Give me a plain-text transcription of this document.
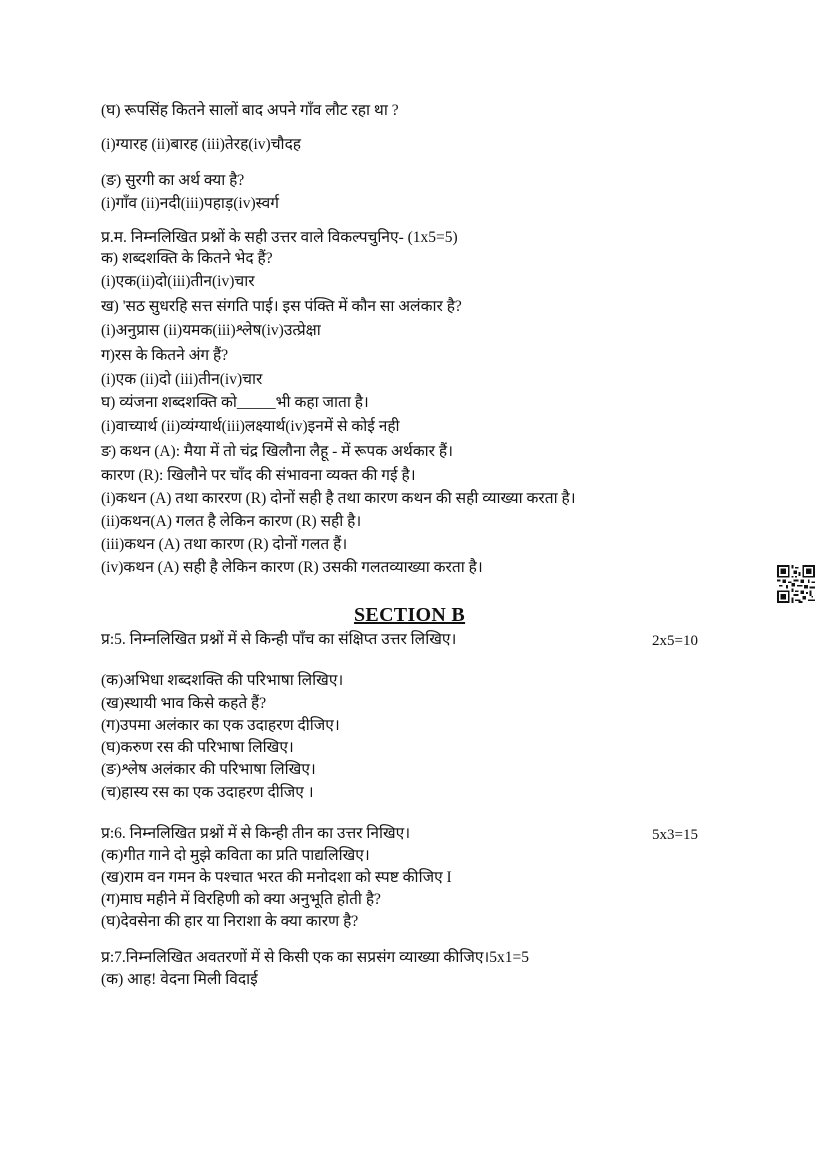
(घ) रूपसिंह कितने सालों बाद अपने गाँव लौट रहा था ?
(i)ग्यारह (ii)बारह (iii)तेरह(iv)चौदह
(ङ) सुरगी का अर्थ क्या है?
(i)गाँव (ii)नदी(iii)पहाड़(iv)स्वर्ग
प्र.म. निम्नलिखित प्रश्नों के सही उत्तर वाले विकल्पचुनिए- (1x5=5)
क) शब्दशक्ति के कितने भेद हैं?
(i)एक(ii)दो(iii)तीन(iv)चार
ख) 'सठ सुधरहि सत्त संगति पाई। इस पंक्ति में कौन सा अलंकार है?
(i)अनुप्रास (ii)यमक(iii)श्लेष(iv)उत्प्रेक्षा
ग)रस के कितने अंग हैं?
(i)एक (ii)दो (iii)तीन(iv)चार
घ) व्यंजना शब्दशक्ति को_____भी कहा जाता है।
(i)वाच्यार्थ (ii)व्यंग्यार्थ(iii)लक्ष्यार्थ(iv)इनमें से कोई नही
ङ) कथन (A): मैया में तो चंद्र खिलौना लैहू - में रूपक अर्थकार हैं।
कारण (R): खिलौने पर चाँद की संभावना व्यक्त की गई है।
(i)कथन (A) तथा काररण (R) दोनों सही है तथा कारण कथन की सही व्याख्या करता है।
(ii)कथन(A) गलत है लेकिन कारण (R) सही है।
(iii)कथन (A) तथा कारण (R) दोनों गलत हैं।
(iv)कथन (A) सही है लेकिन कारण (R) उसकी गलतव्याख्या करता है।
SECTION B
प्र:5. निम्नलिखित प्रश्नों में से किन्ही पाँच का संक्षिप्त उत्तर लिखिए।	2x5=10
(क)अभिधा शब्दशक्ति की परिभाषा लिखिए।
(ख)स्थायी भाव किसे कहते हैं?
(ग)उपमा अलंकार का एक उदाहरण दीजिए।
(घ)करुण रस की परिभाषा लिखिए।
(ङ)श्लेष अलंकार की परिभाषा लिखिए।
(च)हास्य रस का एक उदाहरण दीजिए ।
प्र:6. निम्नलिखित प्रश्नों में से किन्ही तीन का उत्तर निखिए।	5x3=15
(क)गीत गाने दो मुझे कविता का प्रति पाद्यलिखिए।
(ख)राम वन गमन के पश्चात भरत की मनोदशा को स्पष्ट कीजिए I
(ग)माघ महीने में विरहिणी को क्या अनुभूति होती है?
(घ)देवसेना की हार या निराशा के क्या कारण है?
प्र:7.निम्नलिखित अवतरणों में से किसी एक का सप्रसंग व्याख्या कीजिए।5x1=5
(क) आह! वेदना मिली विदाई
